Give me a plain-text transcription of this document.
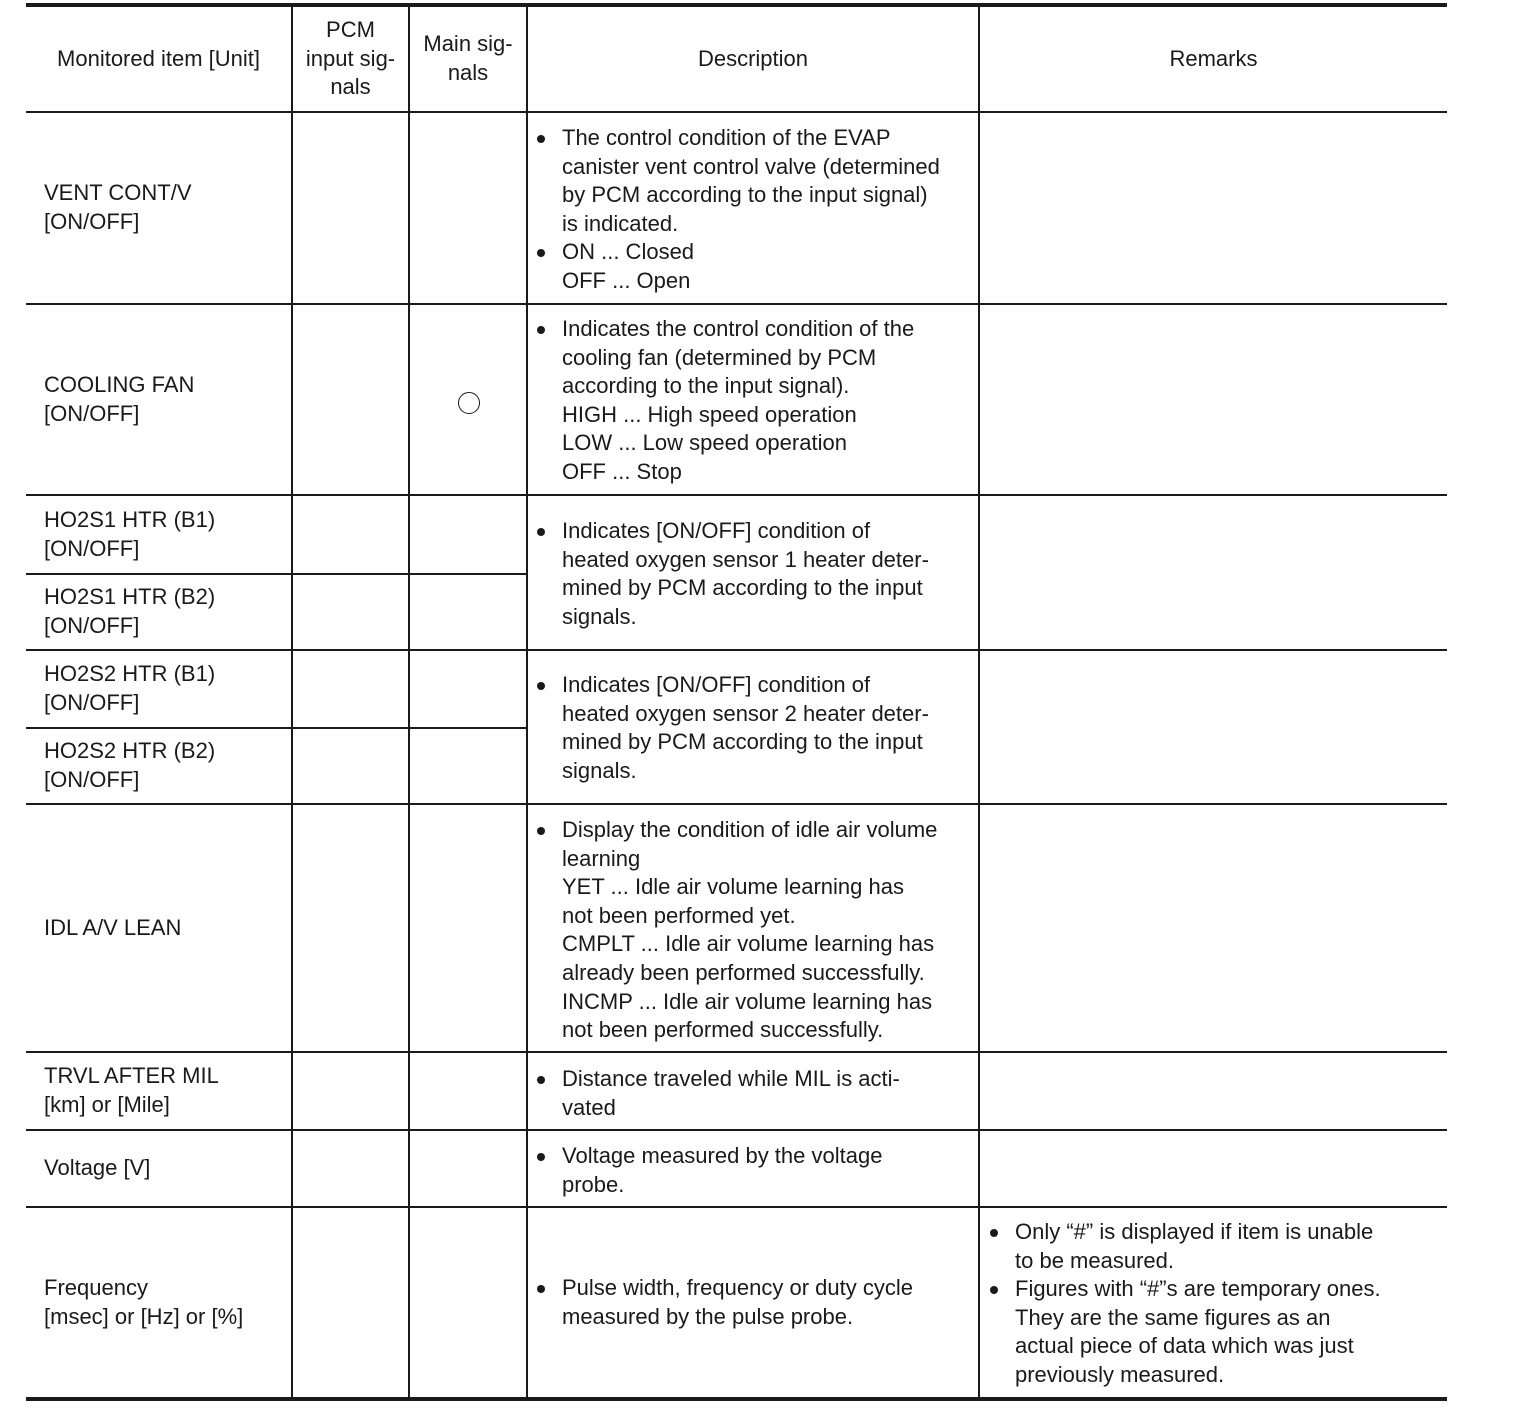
Monitored item [Unit]
PCM
input sig-
nals
Main sig-
nals
Description	Remarks
VENT CONT/V
[ON/OFF]
The control condition of the EVAP
canister vent control valve (determined
by PCM according to the input signal)
is indicated.
ON ... Closed
OFF ... Open
COOLING FAN
[ON/OFF]
Indicates the control condition of the
cooling fan (determined by PCM
according to the input signal).
HIGH ... High speed operation
LOW ... Low speed operation
OFF ... Stop
HO2S1 HTR (B1)
[ON/OFF]
HO2S1 HTR (B2)
[ON/OFF]
Indicates [ON/OFF] condition of
heated oxygen sensor 1 heater deter-
mined by PCM according to the input
signals.
HO2S2 HTR (B1)
[ON/OFF]
HO2S2 HTR (B2)
[ON/OFF]
Indicates [ON/OFF] condition of
heated oxygen sensor 2 heater deter-
mined by PCM according to the input
signals.
IDL A/V LEAN
Display the condition of idle air volume
learning
YET ... Idle air volume learning has
not been performed yet.
CMPLT ... Idle air volume learning has
already been performed successfully.
INCMP ... Idle air volume learning has
not been performed successfully.
TRVL AFTER MIL
[km] or [Mile]
Distance traveled while MIL is acti-
vated
Voltage [V]	Voltage measured by the voltage
probe.
Frequency
[msec] or [Hz] or [%]
Pulse width, frequency or duty cycle
measured by the pulse probe.
Only “#” is displayed if item is unable
to be measured.
Figures with “#”s are temporary ones.
They are the same figures as an
actual piece of data which was just
previously measured.
